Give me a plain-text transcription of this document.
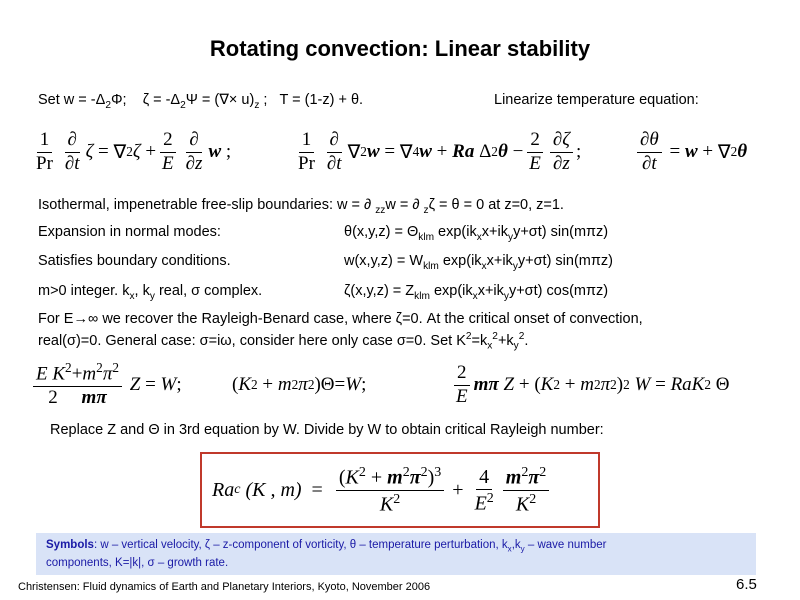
Rotating convection: Linear stability
Set $w = -\Delta_2\Phi$; $\zeta = -\Delta_2\Psi$ = (∇× $u)_z$ ; T = (1-z) + θ.	Linearize temperature equation:
$\frac{1}{Pr} \frac{\partial}{\partial t}$ ζ
=
∇ 2 ζ
+ $\frac{2}{E} \frac{\partial}{\partial z}$ w
;	$\frac{1}{Pr} \frac{\partial}{\partial t}$ ∇ 2 w
=
∇ 4 w
+
Ra
Δ 2 θ
− $\frac{2}{E} \frac{\partial\zeta}{\partial z}$ ;	$\frac{\partial\theta}{\partial t}$
=
w
+
∇ 2 θ
Isothermal, impenetrable free-slip boundaries: w = ∂ $_{zz}$w = ∂ $_z$ζ = θ = 0 at z=0, z=1.
Expansion in normal modes:	$\theta(x,y,z) = \Theta_{klm}$ $\exp(ik_xx+ik_yy+\sigma t)$ sin(mπz)
Satisfies boundary conditions.	$w(x,y,z) = W_{klm}$ $\exp(ik_xx+ik_yy+\sigma t)$ sin(mπz)
m>0 integer. $k_x$, $k_y$ real, σ complex.	$\zeta(x,y,z) = Z_{klm}$ $\exp(ik_xx+ik_yy+\sigma t)$ cos(mπz)
For E→∞ we recover the Rayleigh-Benard case, where ζ=0. At the critical onset of convection,
real(σ)=0. General case: σ=iω, consider here only case σ=0. Set $K^2=k_x^2+k_y^2$.
$\frac{E K^2+m^2\pi^2}{2 m\pi}$
Z
=
W ;	( K 2
+
m 2 π 2 ) Θ = W ;	$\frac{2}{E}$ mπ
Z
+
( K 2
+
m 2 π 2 ) 2
W
=
Ra K 2
Θ
Replace Z and Θ in 3rd equation by W. Divide by W to obtain critical Rayleigh number:
Ra c
(K , m)
=
$\frac{(K^2 + m^2\pi^2)^3}{K^2}$
+
$\frac{4}{E^2} \frac{m^2\pi^2}{K^2}$
Symbols: w – vertical velocity, ζ – z-component of vorticity, θ – temperature perturbation, $k_x,k_y$ – wave number
components, K=|k|, σ – growth rate.
Christensen: Fluid dynamics of Earth and Planetary Interiors, Kyoto, November 2006	6.5
